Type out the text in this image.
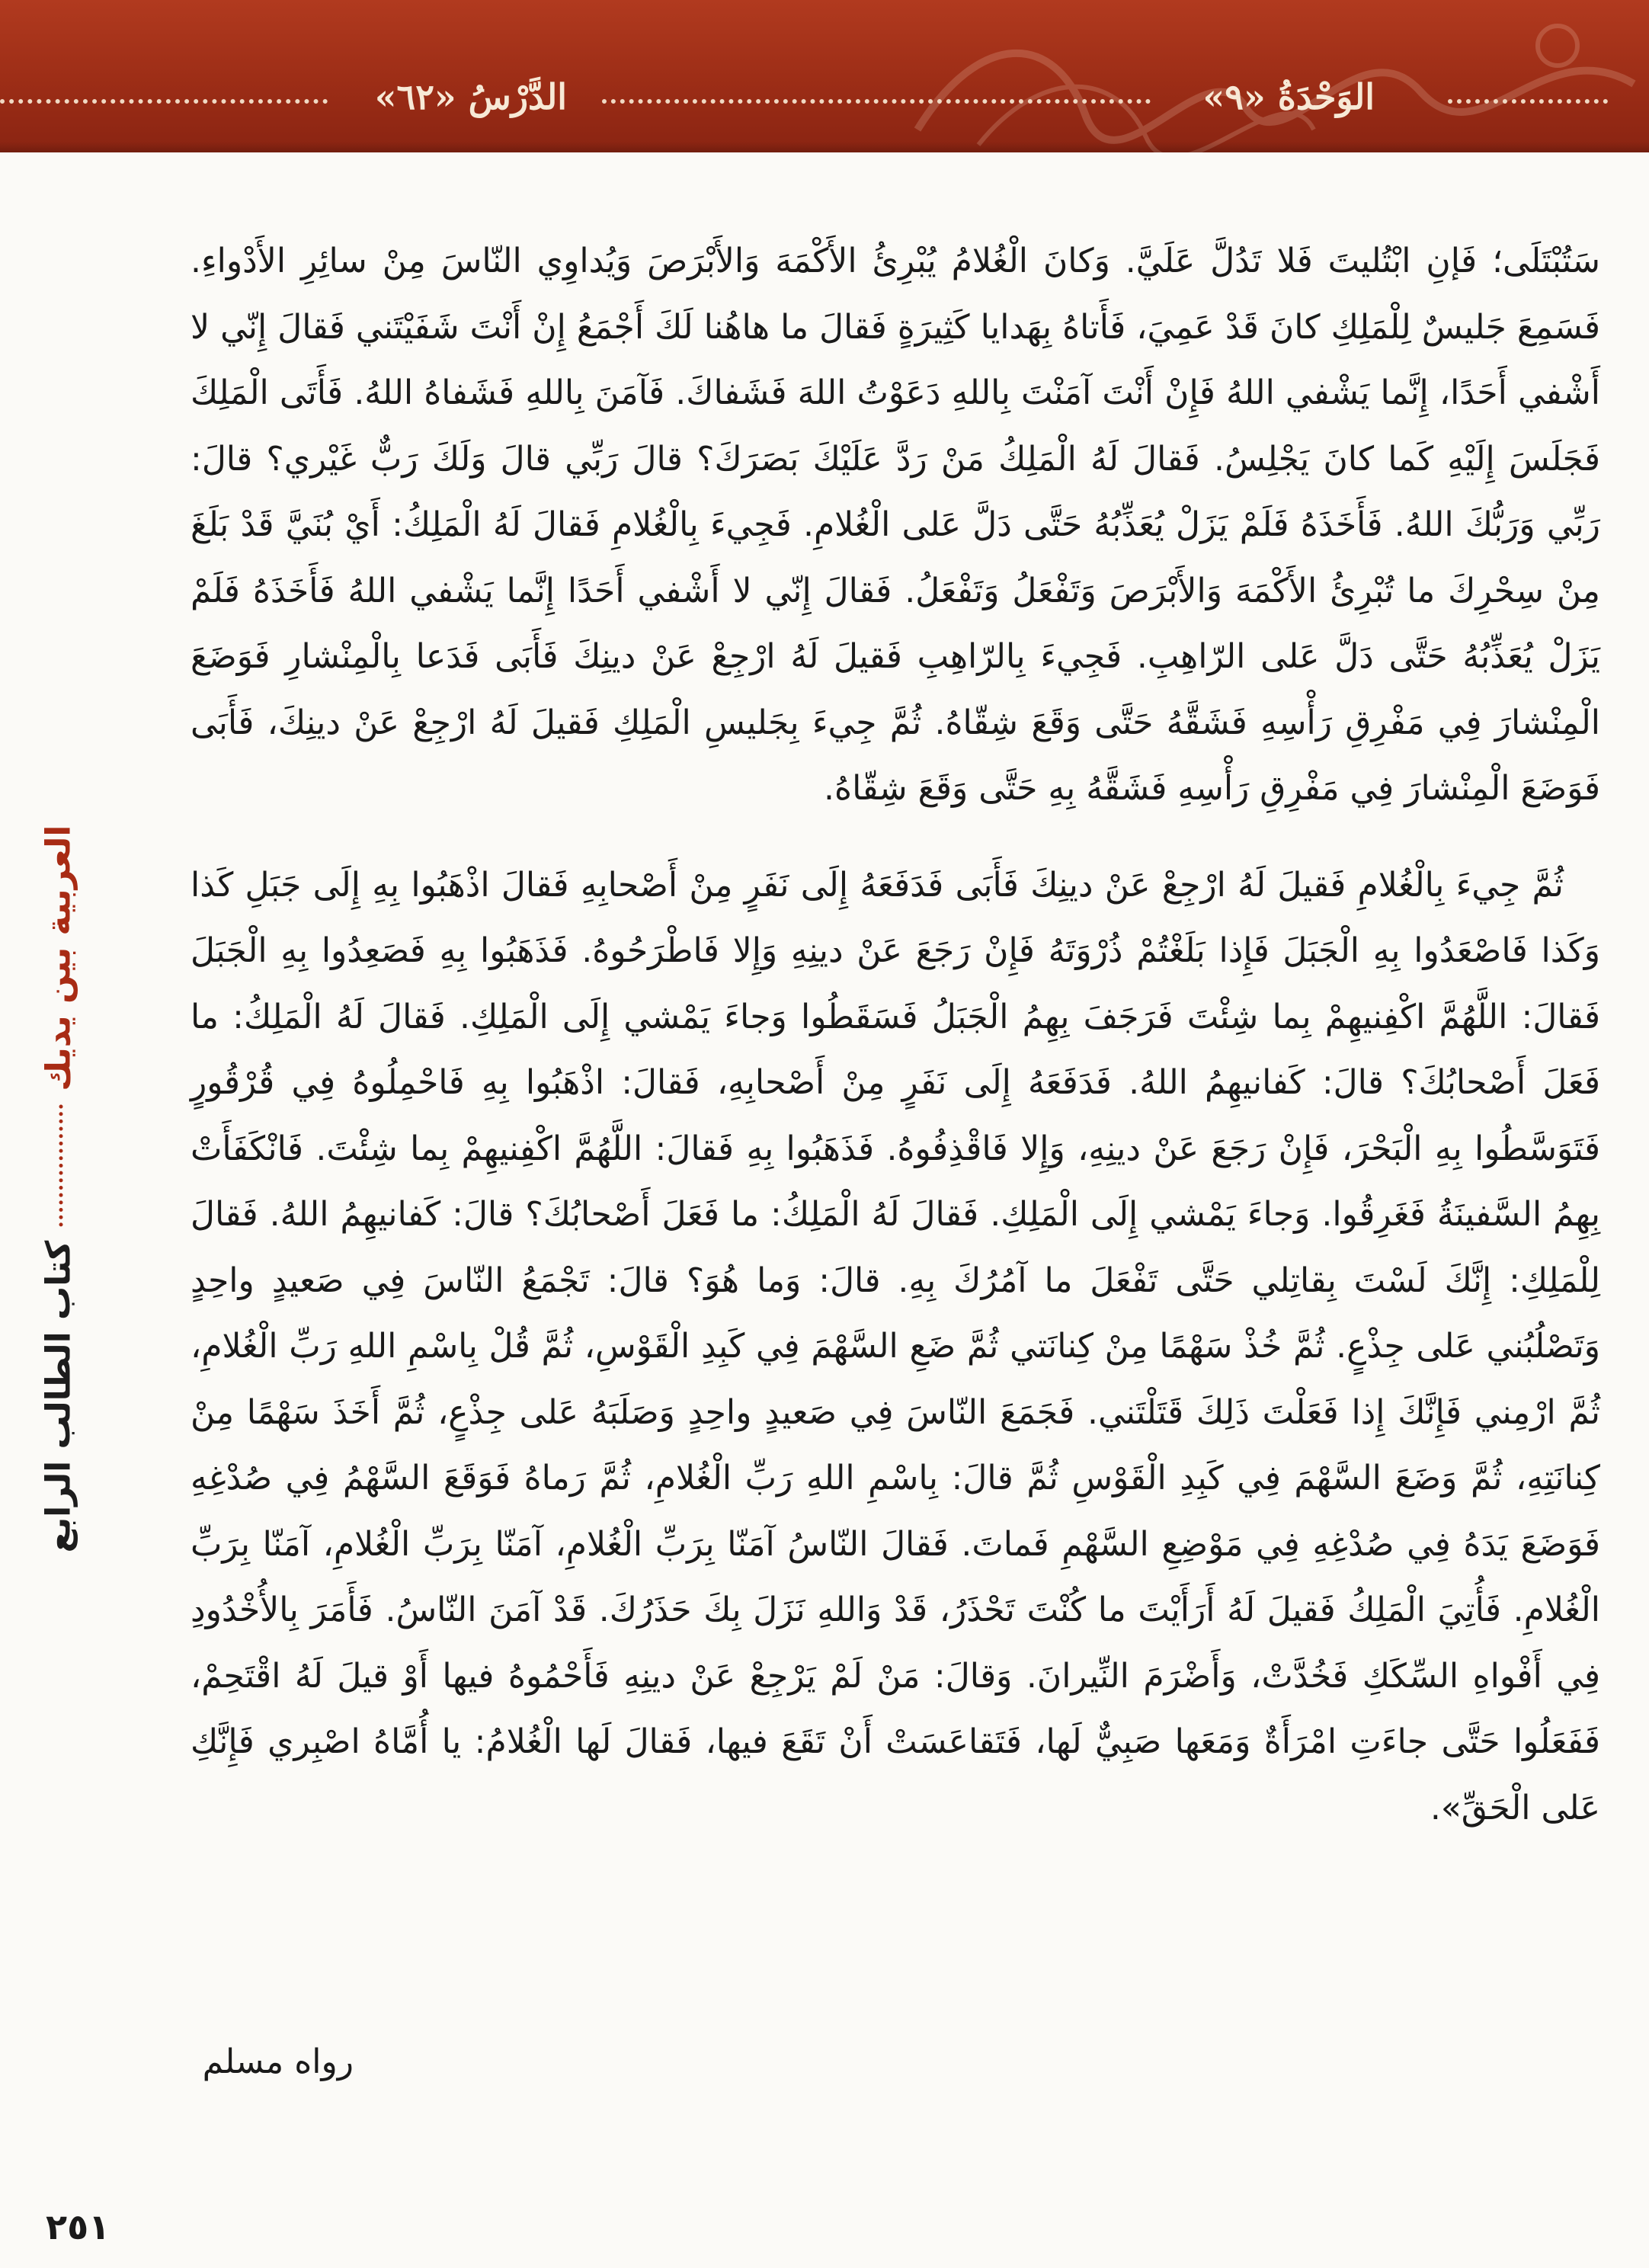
الوَحْدَةُ «٩»
الدَّرْسُ «٦٢»
العربية بين يديككتاب الطالب الرابع

سَتُبْتَلَى؛ فَإنِ ابْتُليتَ فَلا تَدُلَّ عَلَيَّ. وَكانَ الْغُلامُ يُبْرِئُ الأَكْمَهَ وَالأَبْرَصَ وَيُداوِي النّاسَ مِنْ سائِرِ الأَدْواءِ. فَسَمِعَ جَليسٌ لِلْمَلِكِ كانَ قَدْ عَمِيَ، فَأَتاهُ بِهَدايا كَثِيرَةٍ فَقالَ ما هاهُنا لَكَ أَجْمَعُ إِنْ أَنْتَ شَفَيْتَني فَقالَ إِنّي لا أَشْفي أَحَدًا، إِنَّما يَشْفي اللهُ فَإِنْ أَنْتَ آمَنْتَ بِاللهِ دَعَوْتُ اللهَ فَشَفاكَ. فَآمَنَ بِاللهِ فَشَفاهُ اللهُ. فَأَتَى الْمَلِكَ فَجَلَسَ إِلَيْهِ كَما كانَ يَجْلِسُ. فَقالَ لَهُ الْمَلِكُ مَنْ رَدَّ عَلَيْكَ بَصَرَكَ؟ قالَ رَبِّي قالَ وَلَكَ رَبٌّ غَيْري؟ قالَ: رَبِّي وَرَبُّكَ اللهُ. فَأَخَذَهُ فَلَمْ يَزَلْ يُعَذِّبُهُ حَتَّى دَلَّ عَلى الْغُلامِ. فَجِيءَ بِالْغُلامِ فَقالَ لَهُ الْمَلِكُ: أَيْ بُنَيَّ قَدْ بَلَغَ مِنْ سِحْرِكَ ما تُبْرِئُ الأَكْمَهَ وَالأَبْرَصَ وَتَفْعَلُ وَتَفْعَلُ. فَقالَ إِنّي لا أَشْفي أَحَدًا إِنَّما يَشْفي اللهُ فَأَخَذَهُ فَلَمْ يَزَلْ يُعَذِّبُهُ حَتَّى دَلَّ عَلى الرّاهِبِ. فَجِيءَ بِالرّاهِبِ فَقيلَ لَهُ ارْجِعْ عَنْ دينِكَ فَأَبَى فَدَعا بِالْمِنْشارِ فَوَضَعَ الْمِنْشارَ فِي مَفْرِقِ رَأْسِهِ فَشَقَّهُ حَتَّى وَقَعَ شِقّاهُ. ثُمَّ جِيءَ بِجَليسِ الْمَلِكِ فَقيلَ لَهُ ارْجِعْ عَنْ دينِكَ، فَأَبَى فَوَضَعَ الْمِنْشارَ فِي مَفْرِقِ رَأْسِهِ فَشَقَّهُ بِهِ حَتَّى وَقَعَ شِقّاهُ.

ثُمَّ جِيءَ بِالْغُلامِ فَقيلَ لَهُ ارْجِعْ عَنْ دينِكَ فَأَبَى فَدَفَعَهُ إِلَى نَفَرٍ مِنْ أَصْحابِهِ فَقالَ اذْهَبُوا بِهِ إِلَى جَبَلِ كَذا وَكَذا فَاصْعَدُوا بِهِ الْجَبَلَ فَإِذا بَلَغْتُمْ ذُرْوَتَهُ فَإِنْ رَجَعَ عَنْ دينِهِ وَإِلا فَاطْرَحُوهُ. فَذَهَبُوا بِهِ فَصَعِدُوا بِهِ الْجَبَلَ فَقالَ: اللَّهُمَّ اكْفِنيهِمْ بِما شِئْتَ فَرَجَفَ بِهِمُ الْجَبَلُ فَسَقَطُوا وَجاءَ يَمْشي إِلَى الْمَلِكِ. فَقالَ لَهُ الْمَلِكُ: ما فَعَلَ أَصْحابُكَ؟ قالَ: كَفانيهِمُ اللهُ. فَدَفَعَهُ إِلَى نَفَرٍ مِنْ أَصْحابِهِ، فَقالَ: اذْهَبُوا بِهِ فَاحْمِلُوهُ فِي قُرْقُورٍ فَتَوَسَّطُوا بِهِ الْبَحْرَ، فَإِنْ رَجَعَ عَنْ دينِهِ، وَإِلا فَاقْذِفُوهُ. فَذَهَبُوا بِهِ فَقالَ: اللَّهُمَّ اكْفِنيهِمْ بِما شِئْتَ. فَانْكَفَأَتْ بِهِمُ السَّفينَةُ فَغَرِقُوا. وَجاءَ يَمْشي إِلَى الْمَلِكِ. فَقالَ لَهُ الْمَلِكُ: ما فَعَلَ أَصْحابُكَ؟ قالَ: كَفانيهِمُ اللهُ. فَقالَ لِلْمَلِكِ: إِنَّكَ لَسْتَ بِقاتِلي حَتَّى تَفْعَلَ ما آمُرُكَ بِهِ. قالَ: وَما هُوَ؟ قالَ: تَجْمَعُ النّاسَ فِي صَعيدٍ واحِدٍ وَتَصْلُبُني عَلى جِذْعٍ. ثُمَّ خُذْ سَهْمًا مِنْ كِنانَتي ثُمَّ ضَعِ السَّهْمَ فِي كَبِدِ الْقَوْسِ، ثُمَّ قُلْ بِاسْمِ اللهِ رَبِّ الْغُلامِ، ثُمَّ ارْمِني فَإِنَّكَ إِذا فَعَلْتَ ذَلِكَ قَتَلْتَني. فَجَمَعَ النّاسَ فِي صَعيدٍ واحِدٍ وَصَلَبَهُ عَلى جِذْعٍ، ثُمَّ أَخَذَ سَهْمًا مِنْ كِنانَتِهِ، ثُمَّ وَضَعَ السَّهْمَ فِي كَبِدِ الْقَوْسِ ثُمَّ قالَ: بِاسْمِ اللهِ رَبِّ الْغُلامِ، ثُمَّ رَماهُ فَوَقَعَ السَّهْمُ فِي صُدْغِهِ فَوَضَعَ يَدَهُ فِي صُدْغِهِ فِي مَوْضِعِ السَّهْمِ فَماتَ. فَقالَ النّاسُ آمَنّا بِرَبِّ الْغُلامِ، آمَنّا بِرَبِّ الْغُلامِ، آمَنّا بِرَبِّ الْغُلامِ. فَأُتِيَ الْمَلِكُ فَقيلَ لَهُ أَرَأَيْتَ ما كُنْتَ تَحْذَرُ، قَدْ وَاللهِ نَزَلَ بِكَ حَذَرُكَ. قَدْ آمَنَ النّاسُ. فَأَمَرَ بِالأُخْدُودِ فِي أَفْواهِ السِّكَكِ فَخُدَّتْ، وَأَضْرَمَ النِّيرانَ. وَقالَ: مَنْ لَمْ يَرْجِعْ عَنْ دينِهِ فَأَحْمُوهُ فيها أَوْ قيلَ لَهُ اقْتَحِمْ، فَفَعَلُوا حَتَّى جاءَتِ امْرَأَةٌ وَمَعَها صَبِيٌّ لَها، فَتَقاعَسَتْ أَنْ تَقَعَ فيها، فَقالَ لَها الْغُلامُ: يا أُمَّاهُ اصْبِري فَإِنَّكِ عَلى الْحَقِّ».

رواه مسلم
٢٥١
